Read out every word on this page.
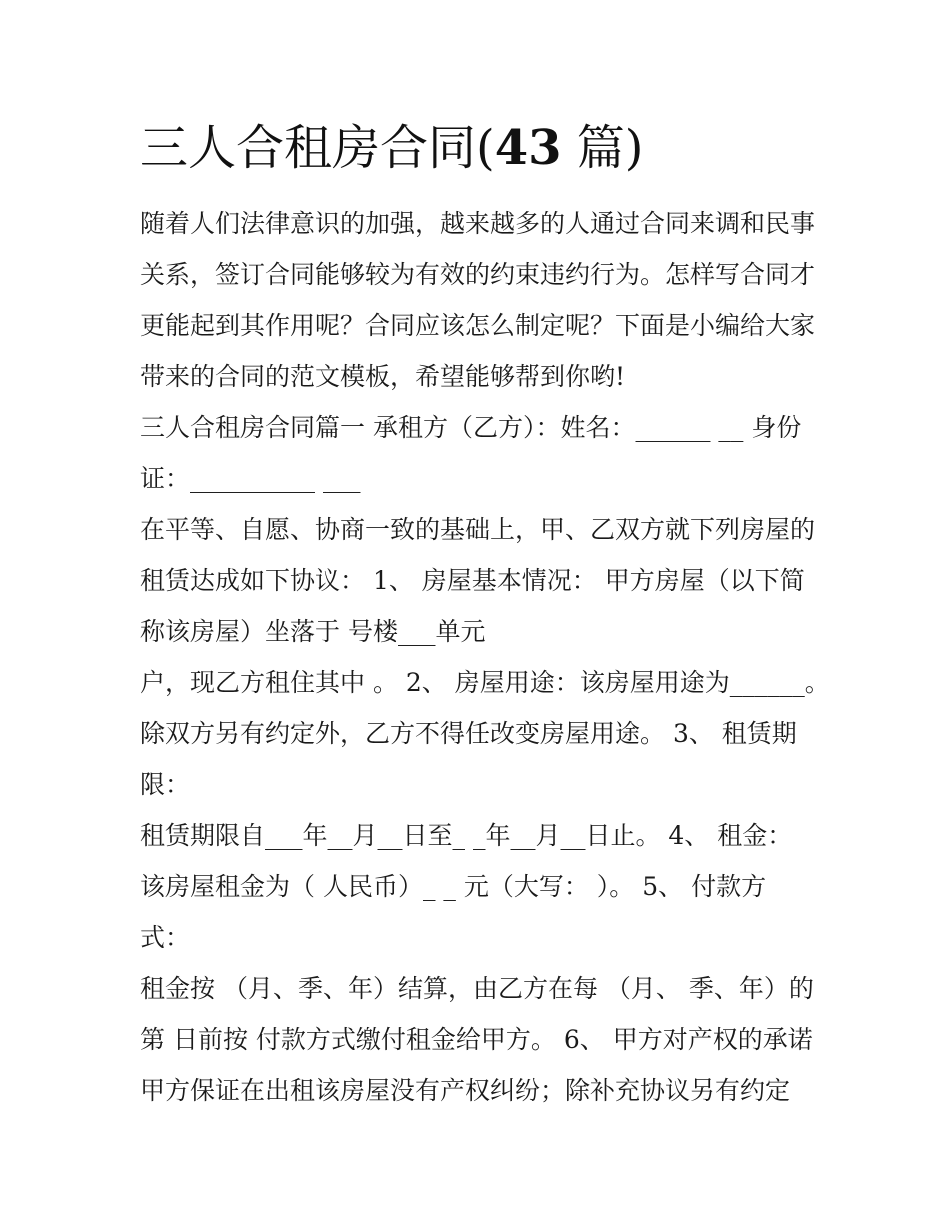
三人合租房合同(43 篇)
随着人们法律意识的加强，越来越多的人通过合同来调和民事
关系，签订合同能够较为有效的约束违约行为。怎样写合同才
更能起到其作用呢？合同应该怎么制定呢？下面是小编给大家
带来的合同的范文模板，希望能够帮到你哟!
三人合租房合同篇一 承租方（乙方）：姓名：______ __ 身份
证：__________ ___
在平等、自愿、协商一致的基础上，甲、乙双方就下列房屋的
租赁达成如下协议： 1、 房屋基本情况： 甲方房屋（以下简
称该房屋）坐落于 号楼___单元
户，现乙方租住其中 。 2、 房屋用途：该房屋用途为______。
除双方另有约定外，乙方不得任改变房屋用途。 3、 租赁期
限：
租赁期限自___年__月__日至_ _年__月__日止。 4、 租金：
该房屋租金为（ 人民币）_ _ 元（大写： ）。 5、 付款方
式：
租金按 （月、季、年）结算，由乙方在每 （月、 季、年）的
第 日前按 付款方式缴付租金给甲方。 6、 甲方对产权的承诺
甲方保证在出租该房屋没有产权纠纷；除补充协议另有约定
